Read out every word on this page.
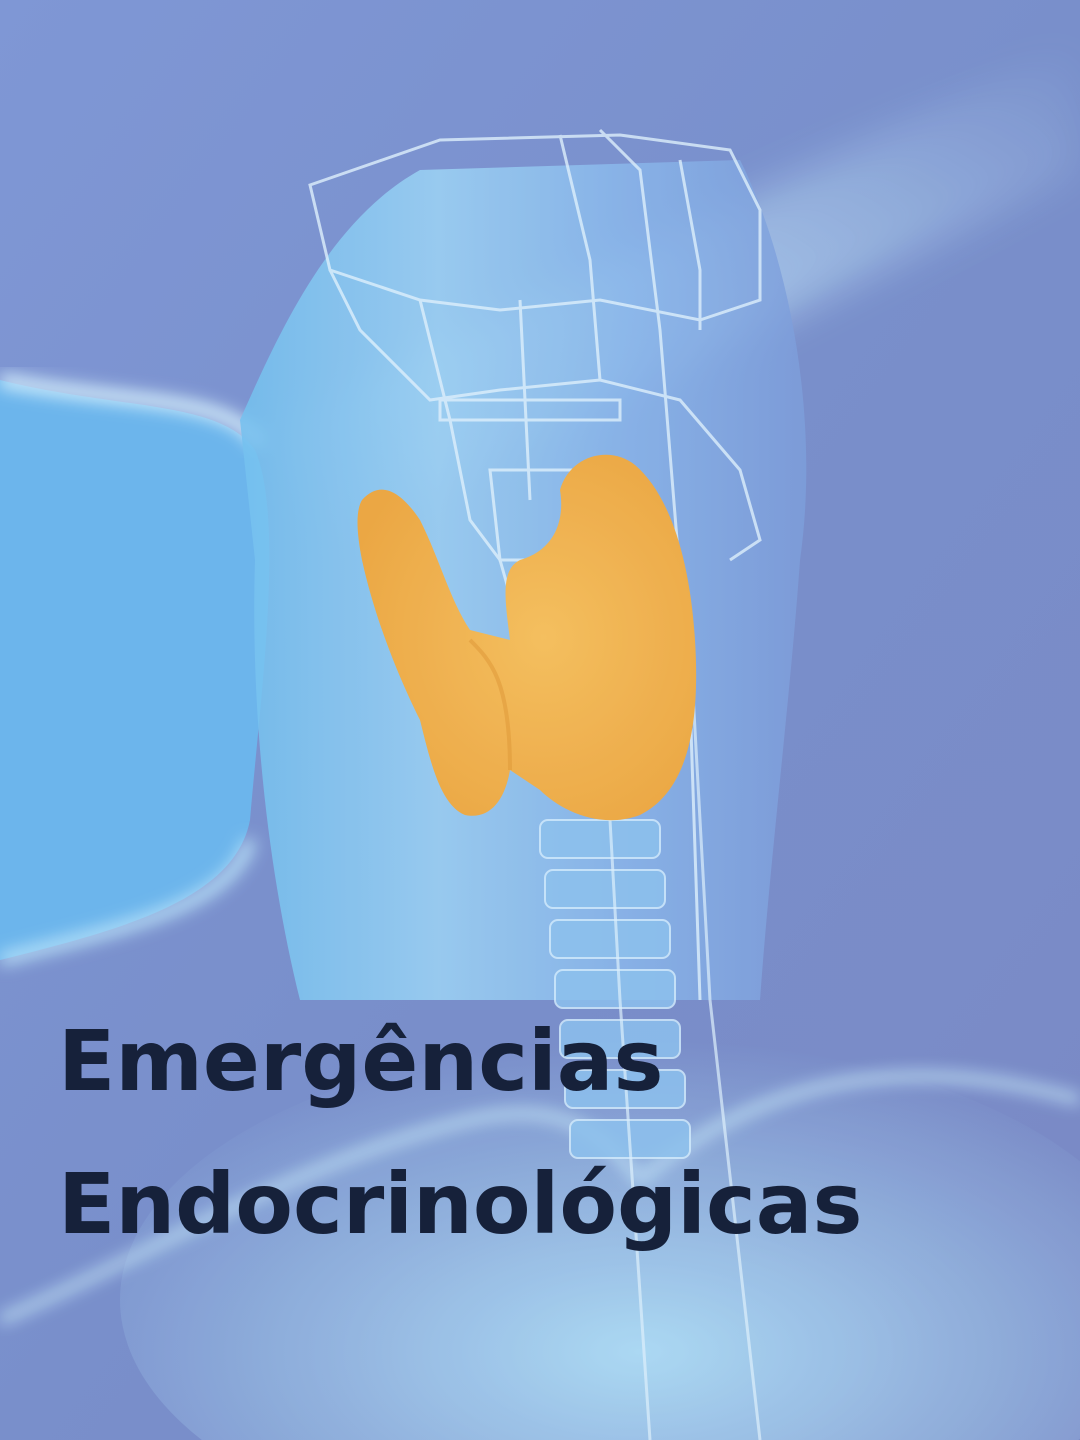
Emergências
Endocrinológicas
